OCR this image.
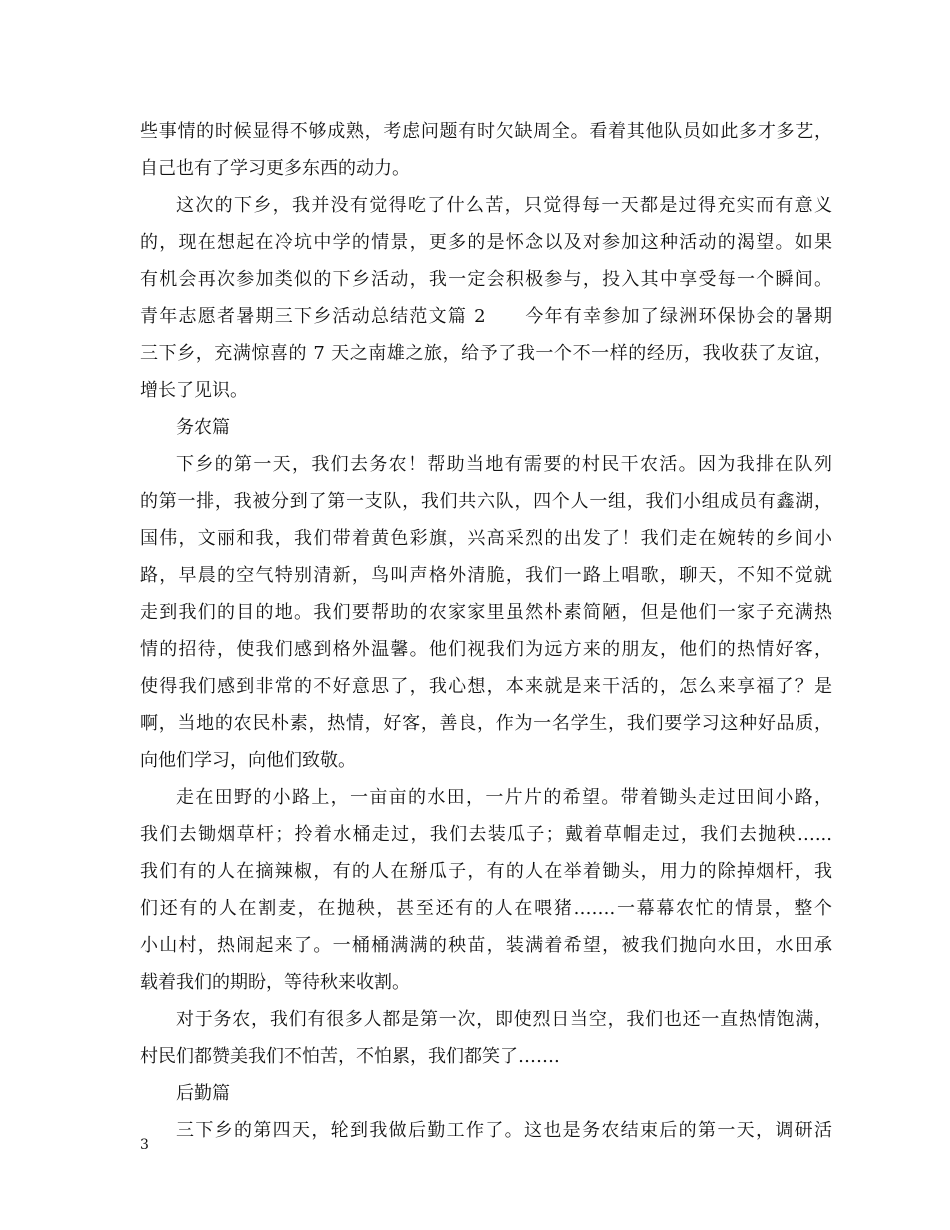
些事情的时候显得不够成熟，考虑问题有时欠缺周全。看着其他队员如此多才多艺，
自己也有了学习更多东西的动力。
这次的下乡，我并没有觉得吃了什么苦，只觉得每一天都是过得充实而有意义
的，现在想起在冷坑中学的情景，更多的是怀念以及对参加这种活动的渴望。如果
有机会再次参加类似的下乡活动，我一定会积极参与，投入其中享受每一个瞬间。
青年志愿者暑期三下乡活动总结范文篇 2　　今年有幸参加了绿洲环保协会的暑期
三下乡，充满惊喜的 7 天之南雄之旅，给予了我一个不一样的经历，我收获了友谊，
增长了见识。
务农篇
下乡的第一天，我们去务农！帮助当地有需要的村民干农活。因为我排在队列
的第一排，我被分到了第一支队，我们共六队，四个人一组，我们小组成员有鑫湖，
国伟，文丽和我，我们带着黄色彩旗，兴高采烈的出发了！我们走在婉转的乡间小
路，早晨的空气特别清新，鸟叫声格外清脆，我们一路上唱歌，聊天，不知不觉就
走到我们的目的地。我们要帮助的农家家里虽然朴素简陋，但是他们一家子充满热
情的招待，使我们感到格外温馨。他们视我们为远方来的朋友，他们的热情好客，
使得我们感到非常的不好意思了，我心想，本来就是来干活的，怎么来享福了？是
啊，当地的农民朴素，热情，好客，善良，作为一名学生，我们要学习这种好品质，
向他们学习，向他们致敬。
走在田野的小路上，一亩亩的水田，一片片的希望。带着锄头走过田间小路，
我们去锄烟草杆；拎着水桶走过，我们去装瓜子；戴着草帽走过，我们去抛秧…...
我们有的人在摘辣椒，有的人在掰瓜子，有的人在举着锄头，用力的除掉烟杆，我
们还有的人在割麦，在抛秧，甚至还有的人在喂猪…….一幕幕农忙的情景，整个
小山村，热闹起来了。一桶桶满满的秧苗，装满着希望，被我们抛向水田，水田承
载着我们的期盼，等待秋来收割。
对于务农，我们有很多人都是第一次，即使烈日当空，我们也还一直热情饱满，
村民们都赞美我们不怕苦，不怕累，我们都笑了…….
后勤篇
三下乡的第四天，轮到我做后勤工作了。这也是务农结束后的第一天，调研活
3
